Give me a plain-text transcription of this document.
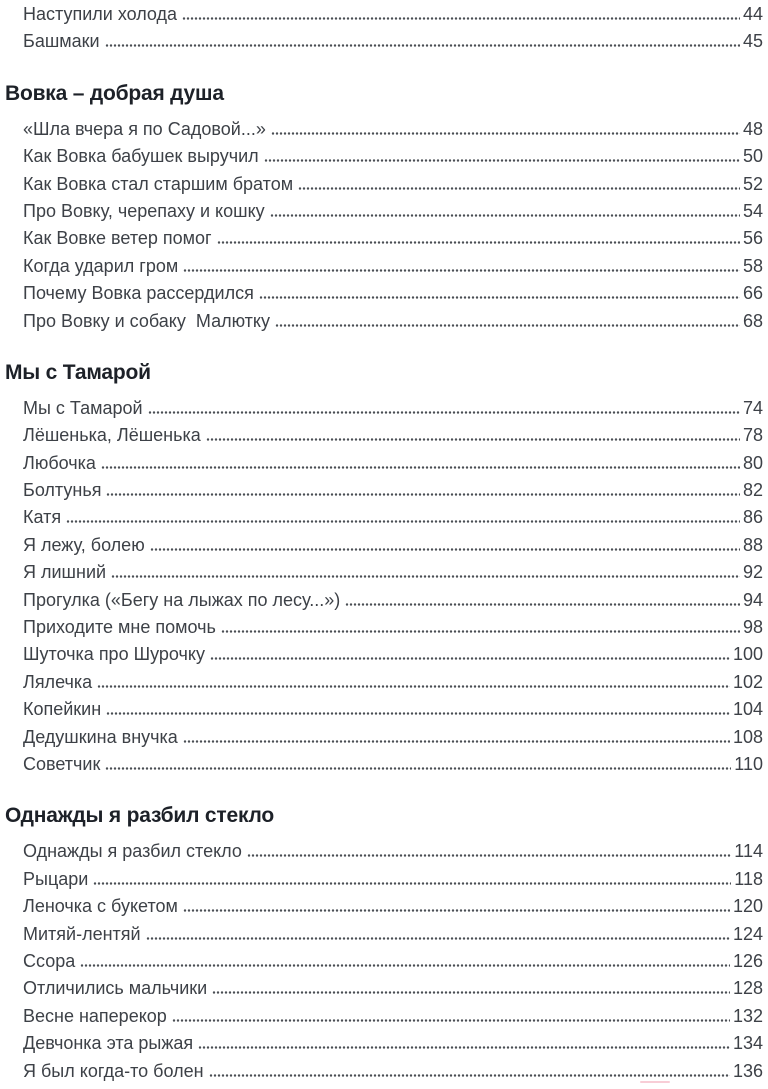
Наступили холода	44
Башмаки	45
Вовка – добрая душа
«Шла вчера я по Садовой...»	48
Как Вовка бабушек выручил	50
Как Вовка стал старшим братом	52
Про Вовку, черепаху и кошку	54
Как Вовке ветер помог	56
Когда ударил гром	58
Почему Вовка рассердился	66
Про Вовку и собаку  Малютку	68
Мы с Тамарой
Мы с Тамарой	74
Лёшенька, Лёшенька	78
Любочка	80
Болтунья	82
Катя	86
Я лежу, болею	88
Я лишний	92
Прогулка («Бегу на лыжах по лесу...»)	94
Приходите мне помочь	98
Шуточка про Шурочку	100
Лялечка	102
Копейкин	104
Дедушкина внучка	108
Советчик	110
Однажды я разбил стекло
Однажды я разбил стекло	114
Рыцари	118
Леночка с букетом	120
Митяй-лентяй	124
Ссора	126
Отличились мальчики	128
Весне наперекор	132
Девчонка эта рыжая	134
Я был когда-то болен	136
